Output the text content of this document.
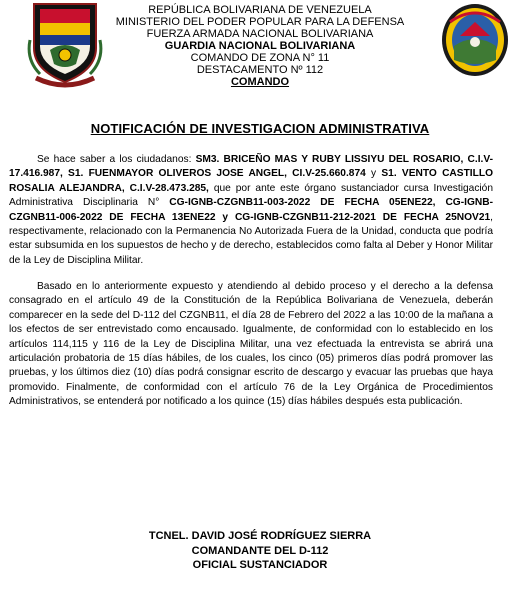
REPÚBLICA BOLIVARIANA DE VENEZUELA
MINISTERIO DEL PODER POPULAR PARA LA DEFENSA
FUERZA ARMADA NACIONAL BOLIVARIANA
GUARDIA NACIONAL BOLIVARIANA
COMANDO DE ZONA N° 11
DESTACAMENTO Nº 112
COMANDO
NOTIFICACIÓN DE INVESTIGACION ADMINISTRATIVA
Se hace saber a los ciudadanos: SM3. BRICEÑO MAS Y RUBY LISSIYU DEL ROSARIO, C.I.V-17.416.987, S1. FUENMAYOR OLIVEROS JOSE ANGEL, CI.V-25.660.874 y S1. VENTO CASTILLO ROSALIA ALEJANDRA, C.I.V-28.473.285, que por ante este órgano sustanciador cursa Investigación Administrativa Disciplinaria N° CG-IGNB-CZGNB11-003-2022 DE FECHA 05ENE22, CG-IGNB-CZGNB11-006-2022 DE FECHA 13ENE22 y CG-IGNB-CZGNB11-212-2021 DE FECHA 25NOV21, respectivamente, relacionado con la Permanencia No Autorizada Fuera de la Unidad, conducta que podría estar subsumida en los supuestos de hecho y de derecho, establecidos como falta al Deber y Honor Militar de la Ley de Disciplina Militar.
Basado en lo anteriormente expuesto y atendiendo al debido proceso y el derecho a la defensa consagrado en el artículo 49 de la Constitución de la República Bolivariana de Venezuela, deberán comparecer en la sede del D-112 del CZGNB11, el día 28 de Febrero del 2022 a las 10:00 de la mañana a los efectos de ser entrevistado como encausado. Igualmente, de conformidad con lo establecido en los artículos 114,115 y 116 de la Ley de Disciplina Militar, una vez efectuada la entrevista se abrirá una articulación probatoria de 15 días hábiles, de los cuales, los cinco (05) primeros días podrá promover las pruebas, y los últimos diez (10) días podrá consignar escrito de descargo y evacuar las pruebas que haya promovido. Finalmente, de conformidad con el artículo 76 de la Ley Orgánica de Procedimientos Administrativos, se entenderá por notificado a los quince (15) días hábiles después esta publicación.
TCNEL. DAVID JOSÉ RODRÍGUEZ SIERRA
COMANDANTE DEL D-112
OFICIAL SUSTANCIADOR
